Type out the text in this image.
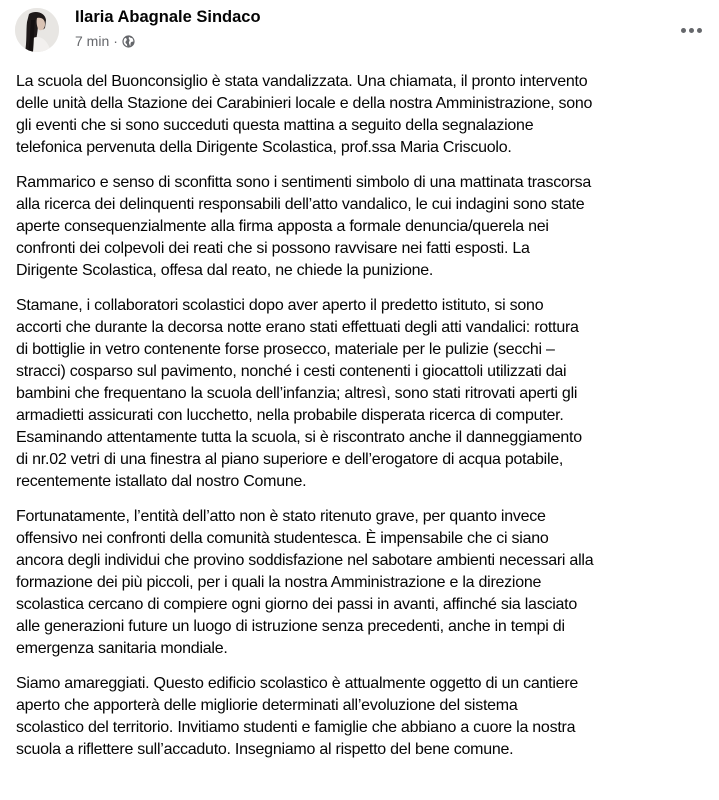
Ilaria Abagnale Sindaco
7 min ·
La scuola del Buonconsiglio è stata vandalizzata. Una chiamata, il pronto intervento
delle unità della Stazione dei Carabinieri locale e della nostra Amministrazione, sono
gli eventi che si sono succeduti questa mattina a seguito della segnalazione
telefonica pervenuta della Dirigente Scolastica, prof.ssa Maria Criscuolo.
Rammarico e senso di sconfitta sono i sentimenti simbolo di una mattinata trascorsa
alla ricerca dei delinquenti responsabili dell’atto vandalico, le cui indagini sono state
aperte consequenzialmente alla firma apposta a formale denuncia/querela nei
confronti dei colpevoli dei reati che si possono ravvisare nei fatti esposti. La
Dirigente Scolastica, offesa dal reato, ne chiede la punizione.
Stamane, i collaboratori scolastici dopo aver aperto il predetto istituto, si sono
accorti che durante la decorsa notte erano stati effettuati degli atti vandalici: rottura
di bottiglie in vetro contenente forse prosecco, materiale per le pulizie (secchi –
stracci) cosparso sul pavimento, nonché i cesti contenenti i giocattoli utilizzati dai
bambini che frequentano la scuola dell’infanzia; altresì, sono stati ritrovati aperti gli
armadietti assicurati con lucchetto, nella probabile disperata ricerca di computer.
Esaminando attentamente tutta la scuola, si è riscontrato anche il danneggiamento
di nr.02 vetri di una finestra al piano superiore e dell’erogatore di acqua potabile,
recentemente istallato dal nostro Comune.
Fortunatamente, l’entità dell’atto non è stato ritenuto grave, per quanto invece
offensivo nei confronti della comunità studentesca. È impensabile che ci siano
ancora degli individui che provino soddisfazione nel sabotare ambienti necessari alla
formazione dei più piccoli, per i quali la nostra Amministrazione e la direzione
scolastica cercano di compiere ogni giorno dei passi in avanti, affinché sia lasciato
alle generazioni future un luogo di istruzione senza precedenti, anche in tempi di
emergenza sanitaria mondiale.
Siamo amareggiati. Questo edificio scolastico è attualmente oggetto di un cantiere
aperto che apporterà delle migliorie determinati all’evoluzione del sistema
scolastico del territorio. Invitiamo studenti e famiglie che abbiano a cuore la nostra
scuola a riflettere sull’accaduto. Insegniamo al rispetto del bene comune.
